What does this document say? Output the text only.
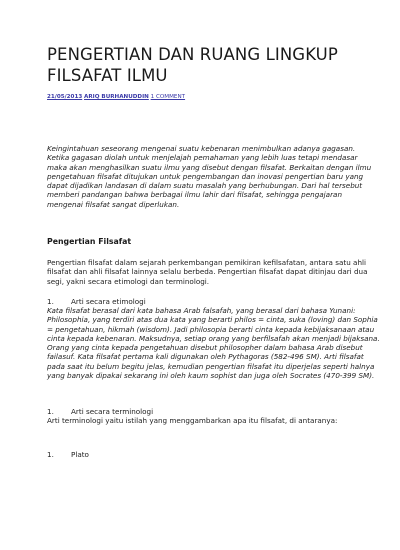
PENGERTIAN DAN RUANG LINGKUP FILSAFAT ILMU
21/05/2013 ARIQ BURHANUDDIN 1 COMMENT

Keingintahuan seseorang mengenai suatu kebenaran menimbulkan adanya gagasan. Ketika gagasan diolah untuk menjelajah pemahaman yang lebih luas tetapi mendasar maka akan menghasilkan suatu ilmu yang disebut dengan filsafat. Berkaitan dengan ilmu pengetahuan filsafat ditujukan untuk pengembangan dan inovasi pengertian baru yang dapat dijadikan landasan di dalam suatu masalah yang berhubungan. Dari hal tersebut memberi pandangan bahwa berbagai ilmu lahir dari filsafat, sehingga pengajaran mengenai filsafat sangat diperlukan.

Pengertian Filsafat

Pengertian filsafat dalam sejarah perkembangan pemikiran kefilsafatan, antara satu ahli filsafat dan ahli filsafat lainnya selalu berbeda. Pengertian filsafat dapat ditinjau dari dua segi, yakni secara etimologi dan terminologi.

1. Arti secara etimologi

Kata filsafat berasal dari kata bahasa Arab falsafah, yang berasal dari bahasa Yunani: Philosophia, yang terdiri atas dua kata yang berarti philos = cinta, suka (loving) dan Sophia = pengetahuan, hikmah (wisdom). Jadi philosopia berarti cinta kepada kebijaksanaan atau cinta kepada kebenaran. Maksudnya, setiap orang yang berfilsafah akan menjadi bijaksana. Orang yang cinta kepada pengetahuan disebut philosopher dalam bahasa Arab disebut failasuf. Kata filsafat pertama kali digunakan oleh Pythagoras (582-496 SM). Arti filsafat pada saat itu belum begitu jelas, kemudian pengertian filsafat itu diperjelas seperti halnya yang banyak dipakai sekarang ini oleh kaum sophist dan juga oleh Socrates (470-399 SM).

1. Arti secara terminologi

Arti terminologi yaitu istilah yang menggambarkan apa itu filsafat, di antaranya:

1. Plato
